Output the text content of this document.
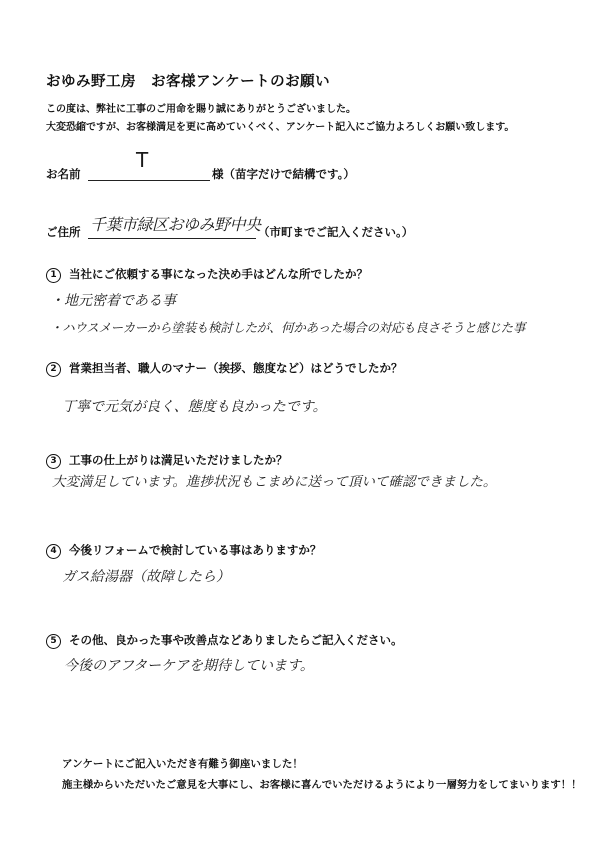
おゆみ野工房　お客様アンケートのお願い
この度は、弊社に工事のご用命を賜り誠にありがとうございました。
大変恐縮ですが、お客様満足を更に高めていくべく、アンケート記入にご協力よろしくお願い致します。
お名前
T
様（苗字だけで結構です。）
ご住所 千葉市緑区おゆみ野中央
（市町までご記入ください。）
1 当社にご依頼する事になった決め手はどんな所でしたか？
・地元密着である事
・ハウスメーカーから塗装も検討したが、何かあった場合の対応も良さそうと感じた事
2 営業担当者、職人のマナー（挨拶、態度など）はどうでしたか？
丁寧で元気が良く、態度も良かったです。
3 工事の仕上がりは満足いただけましたか？
大変満足しています。進捗状況もこまめに送って頂いて確認できました。
4 今後リフォームで検討している事はありますか？
ガス給湯器（故障したら）
5 その他、良かった事や改善点などありましたらご記入ください。
今後のアフターケアを期待しています。
アンケートにご記入いただき有難う御座いました！
施主様からいただいたご意見を大事にし、お客様に喜んでいただけるようにより一層努力をしてまいります！！
